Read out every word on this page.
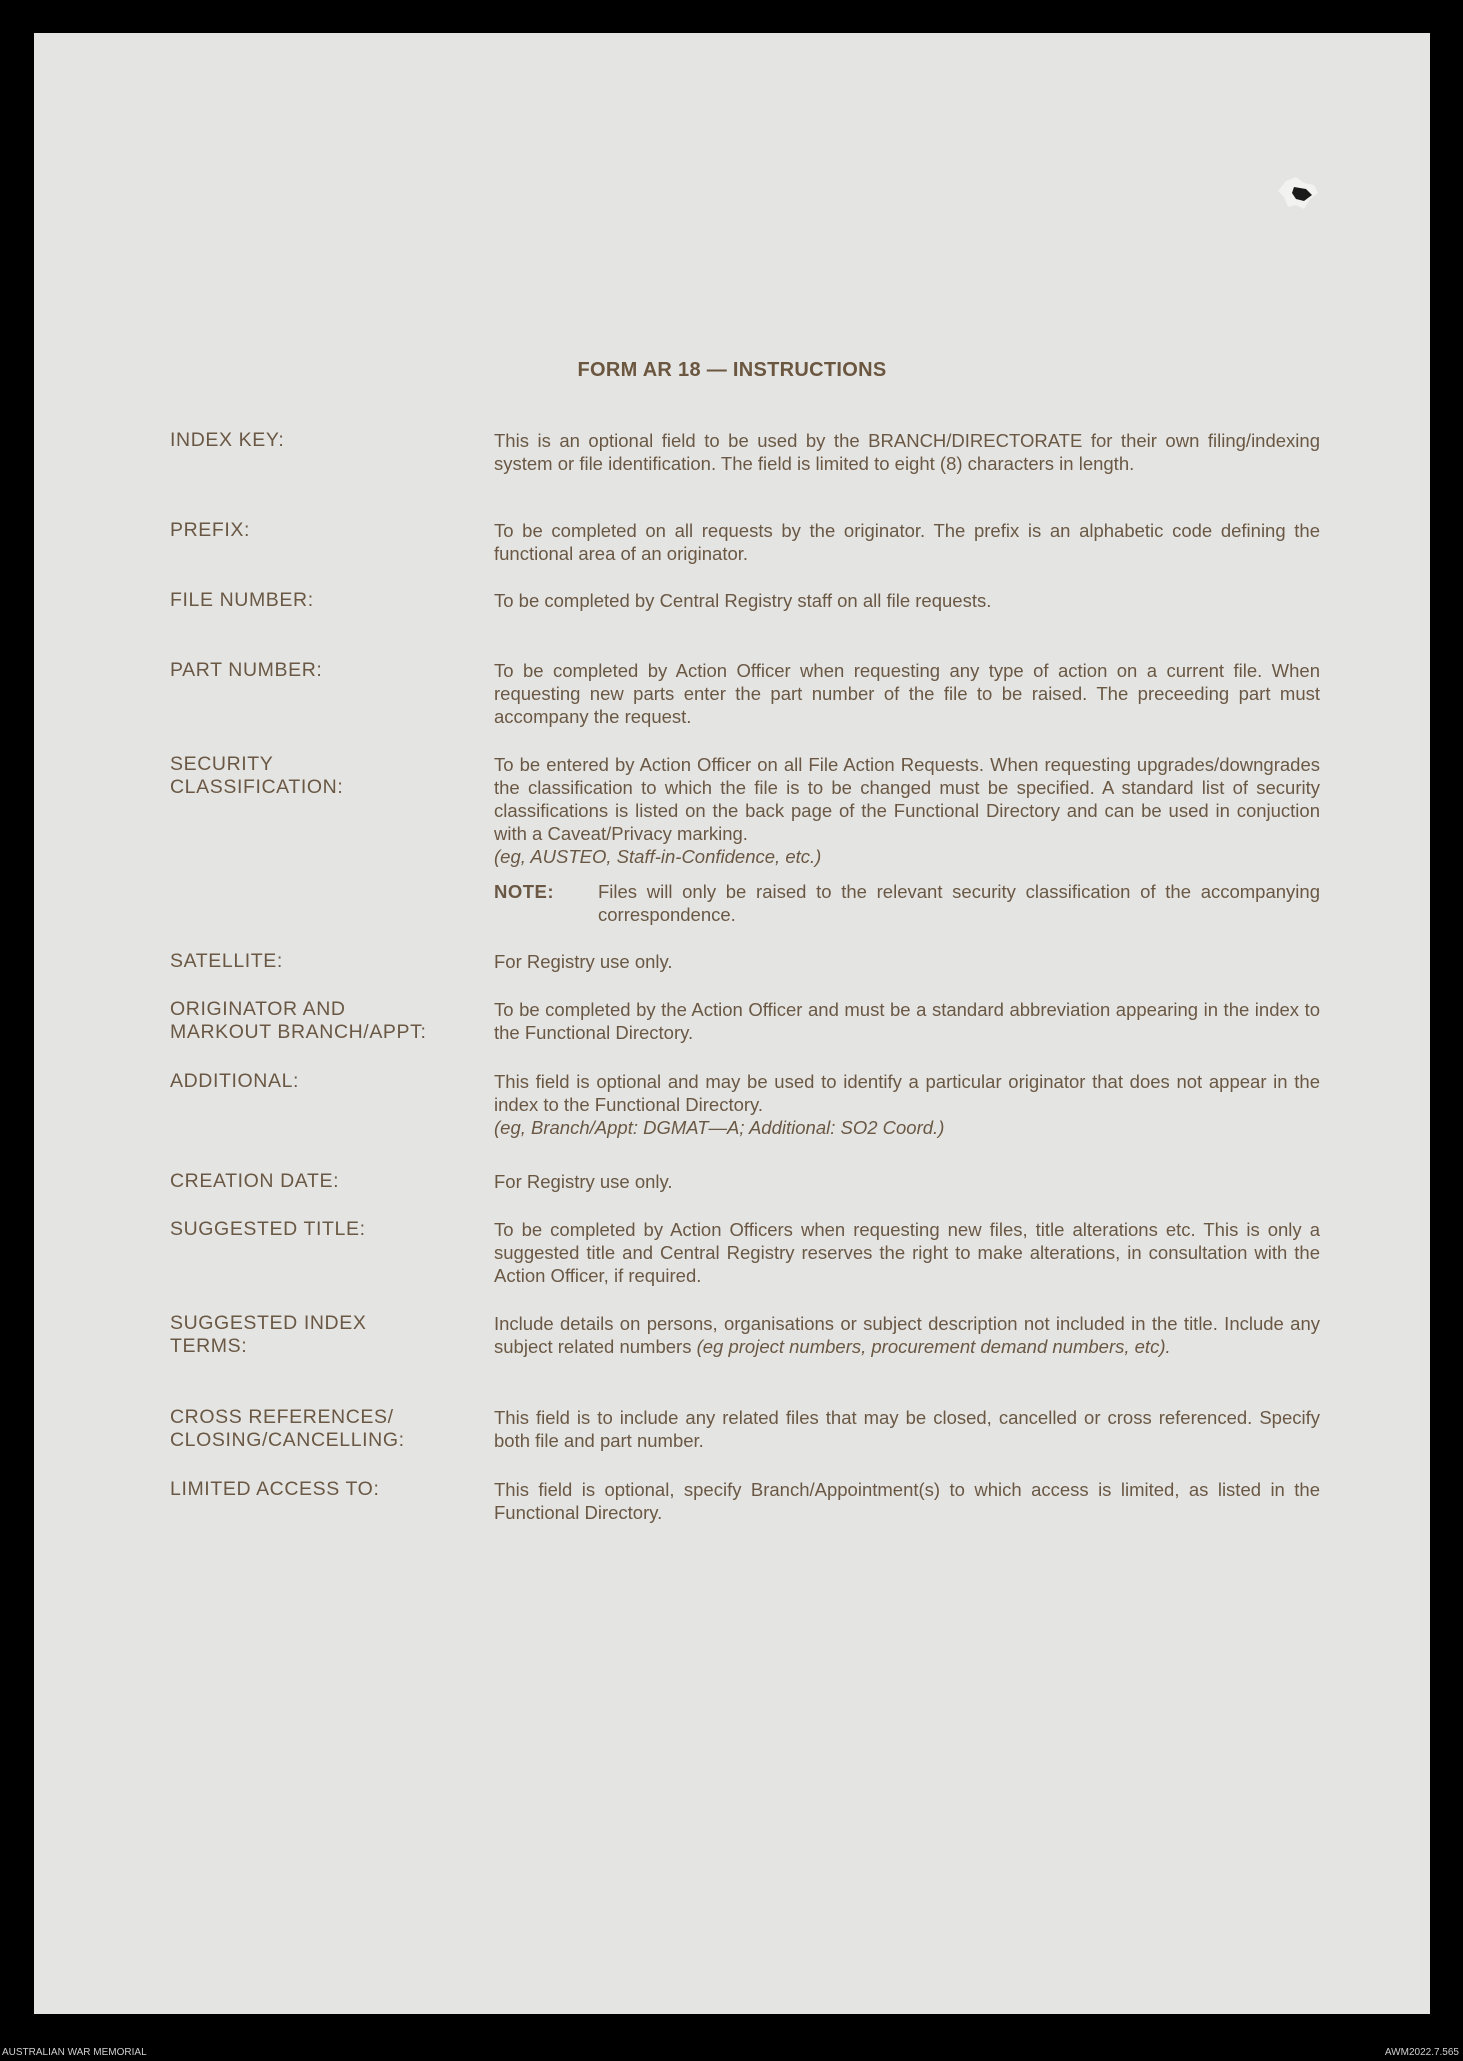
​	FORM AR 18 — INSTRUCTIONS
INDEX KEY:	This is an optional field to be used by the BRANCH/DIRECTORATE for their own filing/indexing system or file identification. The field is limited to eight (8) characters in length.
PREFIX:	To be completed on all requests by the originator. The prefix is an alphabetic code defining the functional area of an originator.
FILE NUMBER:	To be completed by Central Registry staff on all file requests.
PART NUMBER:	To be completed by Action Officer when requesting any type of action on a current file. When requesting new parts enter the part number of the file to be raised. The preceeding part must accompany the request.
SECURITY
CLASSIFICATION:

To be entered by Action Officer on all File Action Requests. When requesting upgrades/downgrades the classification to which the file is to be changed must be specified. A standard list of security classifications is listed on the back page of the Functional Directory and can be used in conjuction with a Caveat/Privacy marking.

(eg, AUSTEO, Staff-in-Confidence, etc.)

NOTE:	Files will only be raised to the relevant security classification of the accompanying correspondence.
SATELLITE:	For Registry use only.
ORIGINATOR AND
MARKOUT BRANCH/APPT:
To be completed by the Action Officer and must be a standard abbreviation appearing in the index to the Functional Directory.
ADDITIONAL:	This field is optional and may be used to identify a particular originator that does not appear in the index to the Functional Directory.

(eg, Branch/Appt: DGMAT—A; Additional: SO2 Coord.)

CREATION DATE:	For Registry use only.
SUGGESTED TITLE:	To be completed by Action Officers when requesting new files, title alterations etc. This is only a suggested title and Central Registry reserves the right to make alterations, in consultation with the Action Officer, if required.
SUGGESTED INDEX
TERMS:
Include details on persons, organisations or subject description not included in the title. Include any subject related numbers (eg project numbers, procurement demand numbers, etc).
CROSS REFERENCES/
CLOSING/CANCELLING:
This field is to include any related files that may be closed, cancelled or cross referenced. Specify both file and part number.
LIMITED ACCESS TO:	This field is optional, specify Branch/Appointment(s) to which access is limited, as listed in the Functional Directory.
AUSTRALIAN WAR MEMORIAL	AWM2022.7.565
